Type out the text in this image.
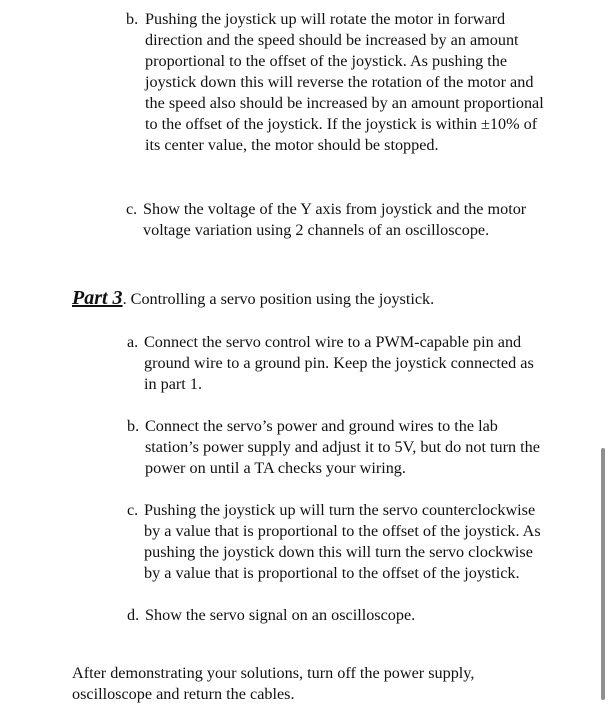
b. Pushing the joystick up will rotate the motor in forward direction and the speed should be increased by an amount proportional to the offset of the joystick. As pushing the joystick down this will reverse the rotation of the motor and the speed also should be increased by an amount proportional to the offset of the joystick. If the joystick is within ±10% of its center value, the motor should be stopped.
c. Show the voltage of the Y axis from joystick and the motor voltage variation using 2 channels of an oscilloscope.
Part 3. Controlling a servo position using the joystick.
a. Connect the servo control wire to a PWM-capable pin and ground wire to a ground pin. Keep the joystick connected as in part 1.
b. Connect the servo’s power and ground wires to the lab station’s power supply and adjust it to 5V, but do not turn the power on until a TA checks your wiring.
c. Pushing the joystick up will turn the servo counterclockwise by a value that is proportional to the offset of the joystick. As pushing the joystick down this will turn the servo clockwise by a value that is proportional to the offset of the joystick.
d. Show the servo signal on an oscilloscope.

After demonstrating your solutions, turn off the power supply, oscilloscope and return the cables.
